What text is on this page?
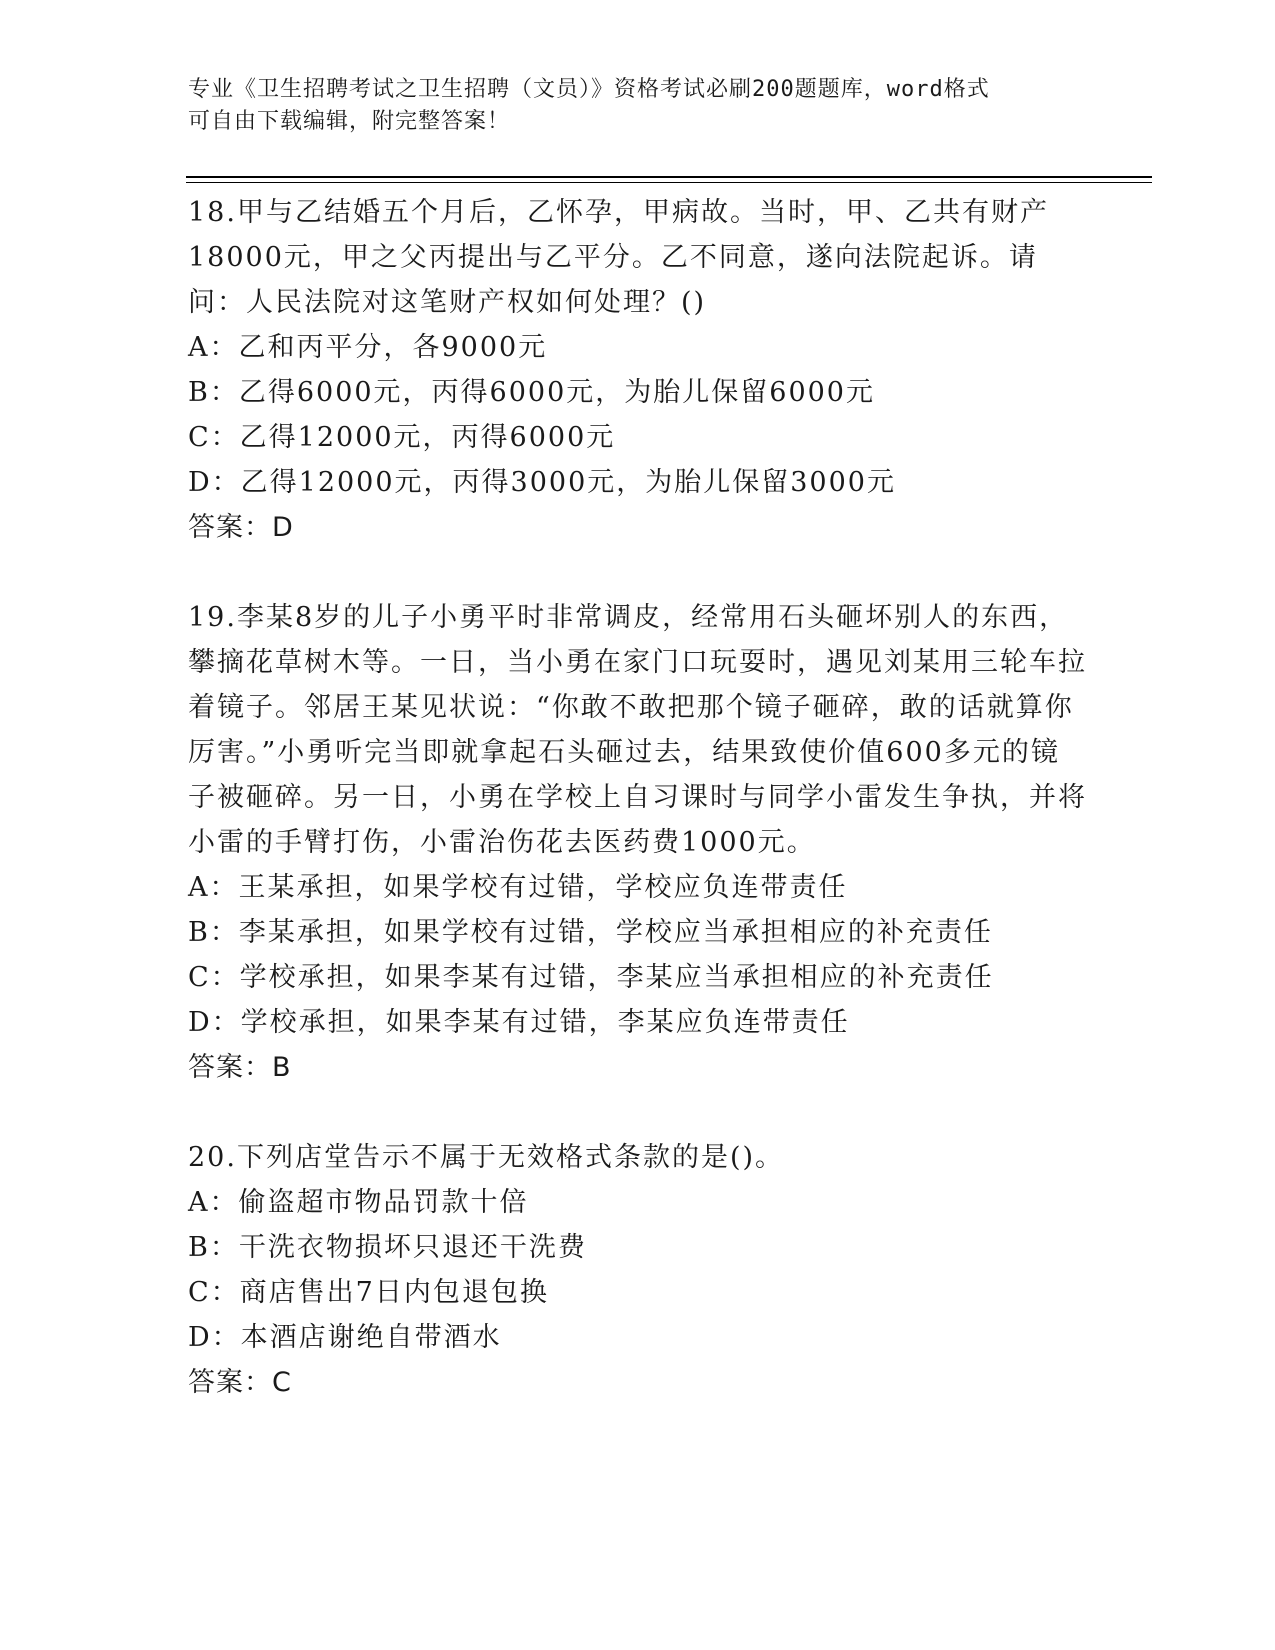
专业《卫生招聘考试之卫生招聘（文员）》资格考试必刷200题题库，word格式

可自由下载编辑，附完整答案！

18.甲与乙结婚五个月后，乙怀孕，甲病故。当时，甲、乙共有财产18000元，甲之父丙提出与乙平分。乙不同意，遂向法院起诉。请问：人民法院对这笔财产权如何处理？()

A：乙和丙平分，各9000元

B：乙得6000元，丙得6000元，为胎儿保留6000元

C：乙得12000元，丙得6000元

D：乙得12000元，丙得3000元，为胎儿保留3000元

答案：D

19.李某8岁的儿子小勇平时非常调皮，经常用石头砸坏别人的东西，攀摘花草树木等。一日，当小勇在家门口玩耍时，遇见刘某用三轮车拉着镜子。邻居王某见状说：“你敢不敢把那个镜子砸碎，敢的话就算你厉害。”小勇听完当即就拿起石头砸过去，结果致使价值600多元的镜子被砸碎。另一日，小勇在学校上自习课时与同学小雷发生争执，并将小雷的手臂打伤，小雷治伤花去医药费1000元。

A：王某承担，如果学校有过错，学校应负连带责任

B：李某承担，如果学校有过错，学校应当承担相应的补充责任

C：学校承担，如果李某有过错，李某应当承担相应的补充责任

D：学校承担，如果李某有过错，李某应负连带责任

答案：B

20.下列店堂告示不属于无效格式条款的是()。

A：偷盗超市物品罚款十倍

B：干洗衣物损坏只退还干洗费

C：商店售出7日内包退包换

D：本酒店谢绝自带酒水

答案：C
